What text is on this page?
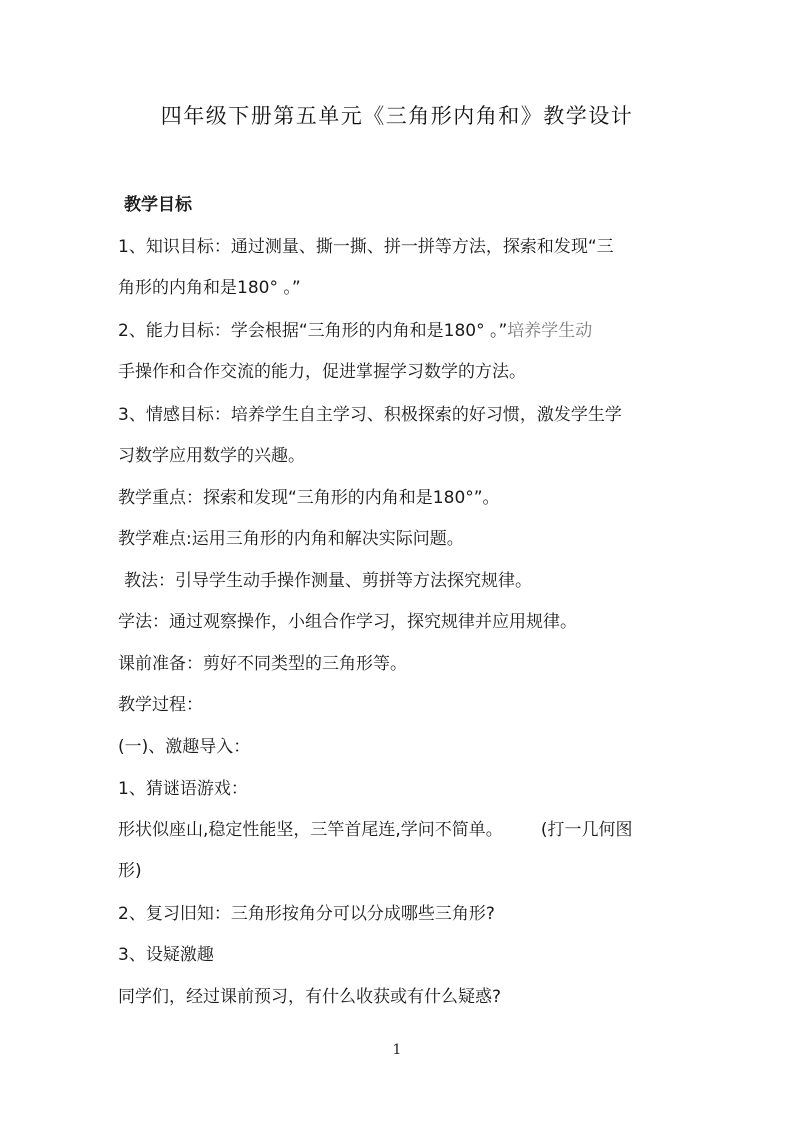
四年级下册第五单元《三角形内角和》教学设计
教学目标
1、知识目标：通过测量、撕一撕、拼一拼等方法，探索和发现“三
角形的内角和是180° 。”
2、能力目标：学会根据“三角形的内角和是180° 。”培养学生动
手操作和合作交流的能力，促进掌握学习数学的方法。
3、情感目标：培养学生自主学习、积极探索的好习惯，激发学生学
习数学应用数学的兴趣。
教学重点：探索和发现“三角形的内角和是180°”。
教学难点:运用三角形的内角和解决实际问题。
教法：引导学生动手操作测量、剪拼等方法探究规律。
学法：通过观察操作，小组合作学习，探究规律并应用规律。
课前准备：剪好不同类型的三角形等。
教学过程：
(一)、激趣导入：
1、猜谜语游戏：
形状似座山,稳定性能坚，三竿首尾连,学问不简单。 (打一几何图
形)
2、复习旧知：三角形按角分可以分成哪些三角形?
3、设疑激趣
同学们，经过课前预习，有什么收获或有什么疑惑?
1
